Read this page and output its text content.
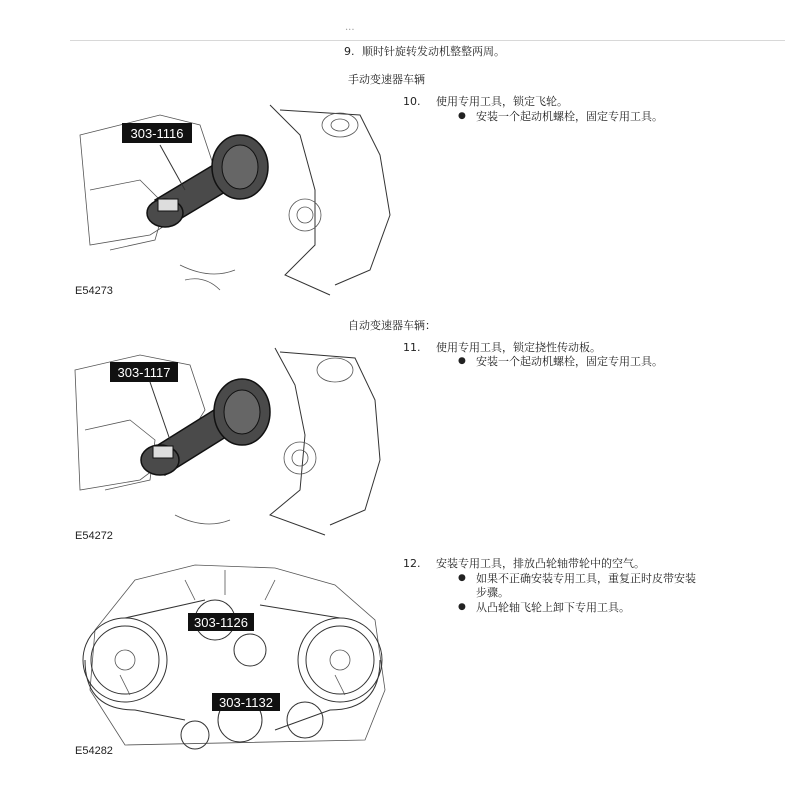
...
9. 顺时针旋转发动机整整两周。
手动变速器车辆
10. 使用专用工具，锁定飞轮。
● 安装一个起动机螺栓，固定专用工具。
303-1116
E54273
自动变速器车辆：
11. 使用专用工具，锁定挠性传动板。
● 安装一个起动机螺栓，固定专用工具。
303-1117
E54272
12. 安装专用工具，排放凸轮轴带轮中的空气。
● 如果不正确安装专用工具，重复正时皮带安装
步骤。
● 从凸轮轴飞轮上卸下专用工具。
303-1126
303-1132
E54282
